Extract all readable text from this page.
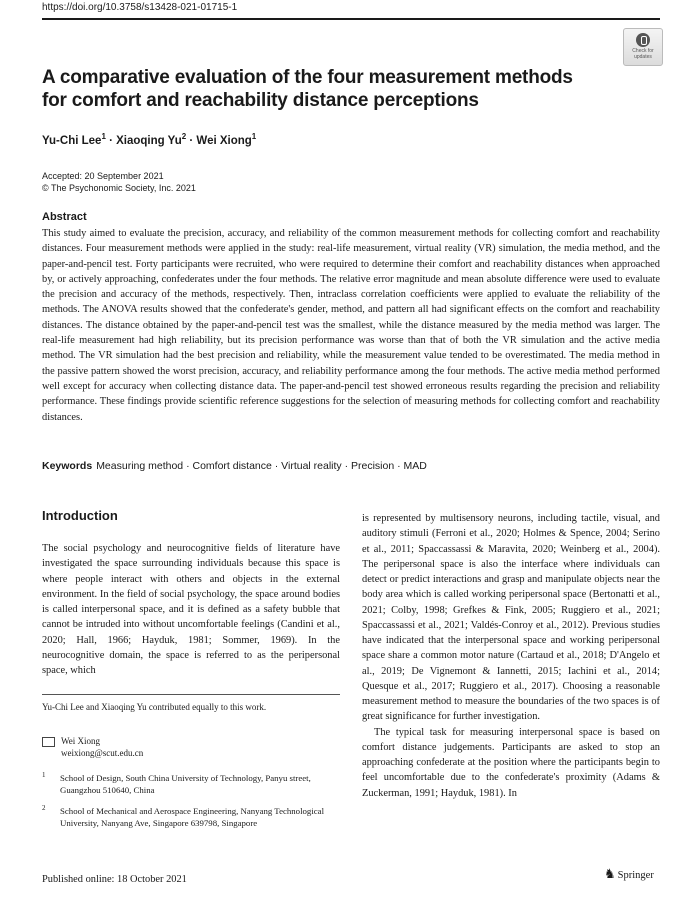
https://doi.org/10.3758/s13428-021-01715-1
Check for updates
A comparative evaluation of the four measurement methods for comfort and reachability distance perceptions
Yu-Chi Lee$^1$ · Xiaoqing $Yu^2$ · Wei Xiong$^1$
Accepted: 20 September 2021
© The Psychonomic Society, Inc. 2021
Abstract
This study aimed to evaluate the precision, accuracy, and reliability of the common measurement methods for collecting comfort and reachability distances. Four measurement methods were applied in the study: real-life measurement, virtual reality (VR) simulation, the media method, and the paper-and-pencil test. Forty participants were recruited, who were required to determine their comfort and reachability distances when approached by, or actively approaching, confederates under the four methods. The relative error magnitude and mean absolute difference were used to evaluate the precision and accuracy of the methods, respectively. Then, intraclass correlation coefficients were applied to evaluate the reliability of the methods. The ANOVA results showed that the confederate's gender, method, and pattern all had significant effects on the comfort and reachability distances. The distance obtained by the paper-and-pencil test was the smallest, while the distance measured by the media method was larger. The real-life measurement had high reliability, but its precision performance was worse than that of both the VR simulation and the active media method. The VR simulation had the best precision and reliability, while the measurement value tended to be overestimated. The media method in the passive pattern showed the worst precision, accuracy, and reliability performance among the four methods. The active media method performed well except for accuracy when collecting distance data. The paper-and-pencil test showed erroneous results regarding the precision and reliability performance. These findings provide scientific reference suggestions for the selection of measuring methods for collecting comfort and reachability distances.
Keywords Measuring method · Comfort distance · Virtual reality · Precision · MAD
Introduction

The social psychology and neurocognitive fields of literature have investigated the space surrounding individuals because this space is where people interact with others and objects in the external environment. In the field of social psychology, the space around bodies is called interpersonal space, and it is defined as a safety bubble that cannot be intruded into without uncomfortable feelings (Candini et al., 2020; Hall, 1966; Hayduk, 1981; Sommer, 1969). In the neurocognitive domain, the space is referred to as the peripersonal space, which

is represented by multisensory neurons, including tactile, visual, and auditory stimuli (Ferroni et al., 2020; Holmes & Spence, 2004; Serino et al., 2011; Spaccassassi & Maravita, 2020; Weinberg et al., 2004). The peripersonal space is also the interface where individuals can detect or predict interactions and grasp and manipulate objects near the body area which is called working peripersonal space (Bertonatti et al., 2021; Colby, 1998; Grefkes & Fink, 2005; Ruggiero et al., 2021; Spaccassassi et al., 2021; Valdés-Conroy et al., 2012). Previous studies have indicated that the interpersonal space and working peripersonal space share a common motor nature (Cartaud et al., 2018; D'Angelo et al., 2019; De Vignemont & Iannetti, 2015; Iachini et al., 2014; Quesque et al., 2017; Ruggiero et al., 2017). Choosing a reasonable measurement method to measure the boundaries of the two spaces is of great significance for further investigation.

The typical task for measuring interpersonal space is based on comfort distance judgements. Participants are asked to stop an approaching confederate at the position where the participants begin to feel uncomfortable due to the confederate's proximity (Adams & Zuckerman, 1991; Hayduk, 1981). In

Yu-Chi Lee and Xiaoqing Yu contributed equally to this work.
Wei Xiong
weixiong@scut.edu.cn
1 School of Design, South China University of Technology, Panyu street, Guangzhou 510640, China
2 School of Mechanical and Aerospace Engineering, Nanyang Technological University, Nanyang Ave, Singapore 639798, Singapore
Published online: 18 October 2021	♞ Springer
